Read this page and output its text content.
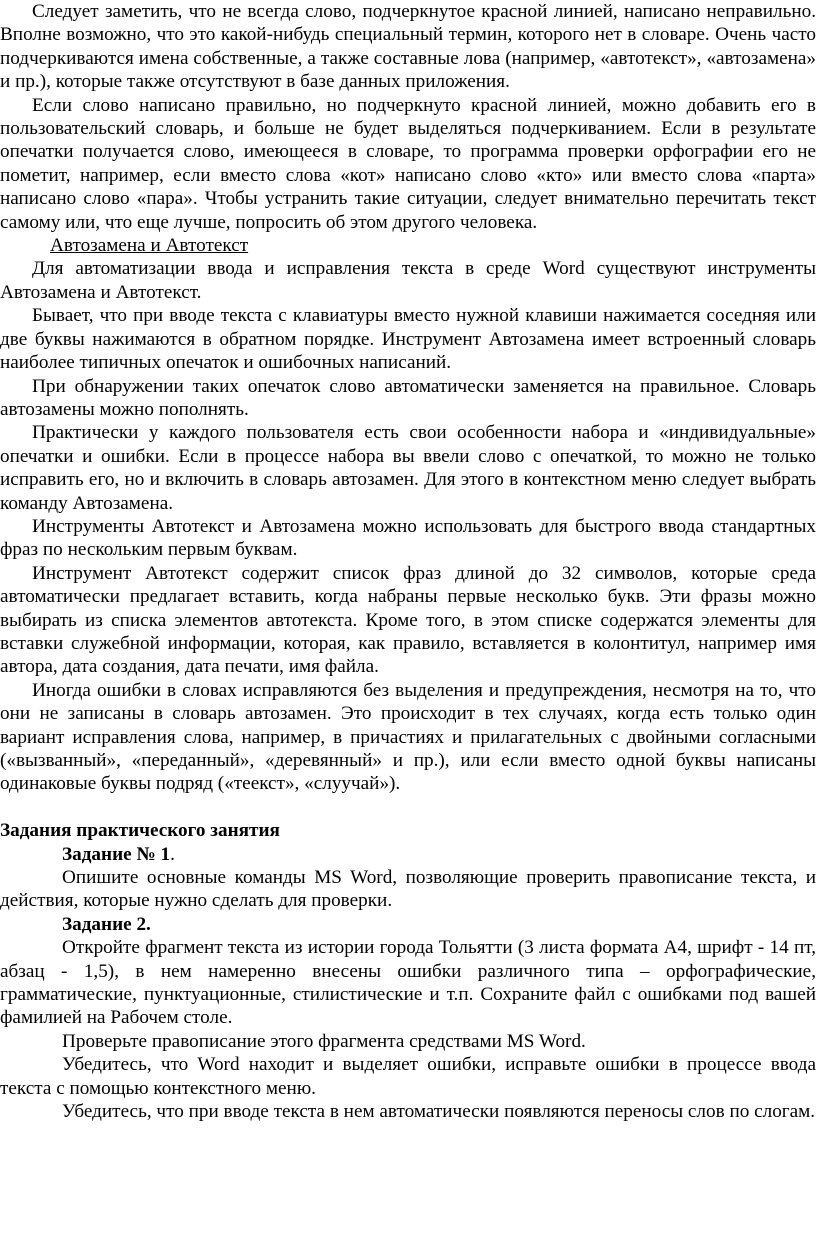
Следует заметить, что не всегда слово, подчеркнутое красной линией, написано неправильно. Вполне возможно, что это какой-нибудь специальный термин, которого нет в словаре. Очень часто подчеркиваются имена собственные, а также составные лова (например, «автотекст», «автозамена» и пр.), которые также отсутствуют в базе данных приложения.

Если слово написано правильно, но подчеркнуто красной линией, можно добавить его в пользовательский словарь, и больше не будет выделяться подчеркиванием. Если в результате опечатки получается слово, имеющееся в словаре, то программа проверки орфографии его не пометит, например, если вместо слова «кот» написано слово «кто» или вместо слова «парта» написано слово «пара». Чтобы устранить такие ситуации, следует внимательно перечитать текст самому или, что еще лучше, попросить об этом другого человека.

Автозамена и Автотекст

Для автоматизации ввода и исправления текста в среде Word существуют инструменты Автозамена и Автотекст.

Бывает, что при вводе текста с клавиатуры вместо нужной клавиши нажимается соседняя или две буквы нажимаются в обратном порядке. Инструмент Автозамена имеет встроенный словарь наиболее типичных опечаток и ошибочных написаний.

При обнаружении таких опечаток слово автоматически заменяется на правильное. Словарь автозамены можно пополнять.

Практически у каждого пользователя есть свои особенности набора и «индивидуальные» опечатки и ошибки. Если в процессе набора вы ввели слово с опечаткой, то можно не только исправить его, но и включить в словарь автозамен. Для этого в контекстном меню следует выбрать команду Автозамена.

Инструменты Автотекст и Автозамена можно использовать для быстрого ввода стандартных фраз по нескольким первым буквам.

Инструмент Автотекст содержит список фраз длиной до 32 символов, которые среда автоматически предлагает вставить, когда набраны первые несколько букв. Эти фразы можно выбирать из списка элементов автотекста. Кроме того, в этом списке содержатся элементы для вставки служебной информации, которая, как правило, вставляется в колонтитул, например имя автора, дата создания, дата печати, имя файла.

Иногда ошибки в словах исправляются без выделения и предупреждения, несмотря на то, что они не записаны в словарь автозамен. Это происходит в тех случаях, когда есть только один вариант исправления слова, например, в причастиях и прилагательных с двойными согласными («вызванный», «переданный», «деревянный» и пр.), или если вместо одной буквы написаны одинаковые буквы подряд («теекст», «слуучай»).

Задания практического занятия

Задание № 1.

Опишите основные команды MS Word, позволяющие проверить правописание текста, и действия, которые нужно сделать для проверки.

Задание 2.

Откройте фрагмент текста из истории города Тольятти (3 листа формата А4, шрифт - 14 пт, абзац - 1,5), в нем намеренно внесены ошибки различного типа – орфографические, грамматические, пунктуационные, стилистические и т.п. Сохраните файл с ошибками под вашей фамилией на Рабочем столе.

Проверьте правописание этого фрагмента средствами MS Word.

Убедитесь, что Word находит и выделяет ошибки, исправьте ошибки в процессе ввода текста с помощью контекстного меню.

Убедитесь, что при вводе текста в нем автоматически появляются переносы слов по слогам.
